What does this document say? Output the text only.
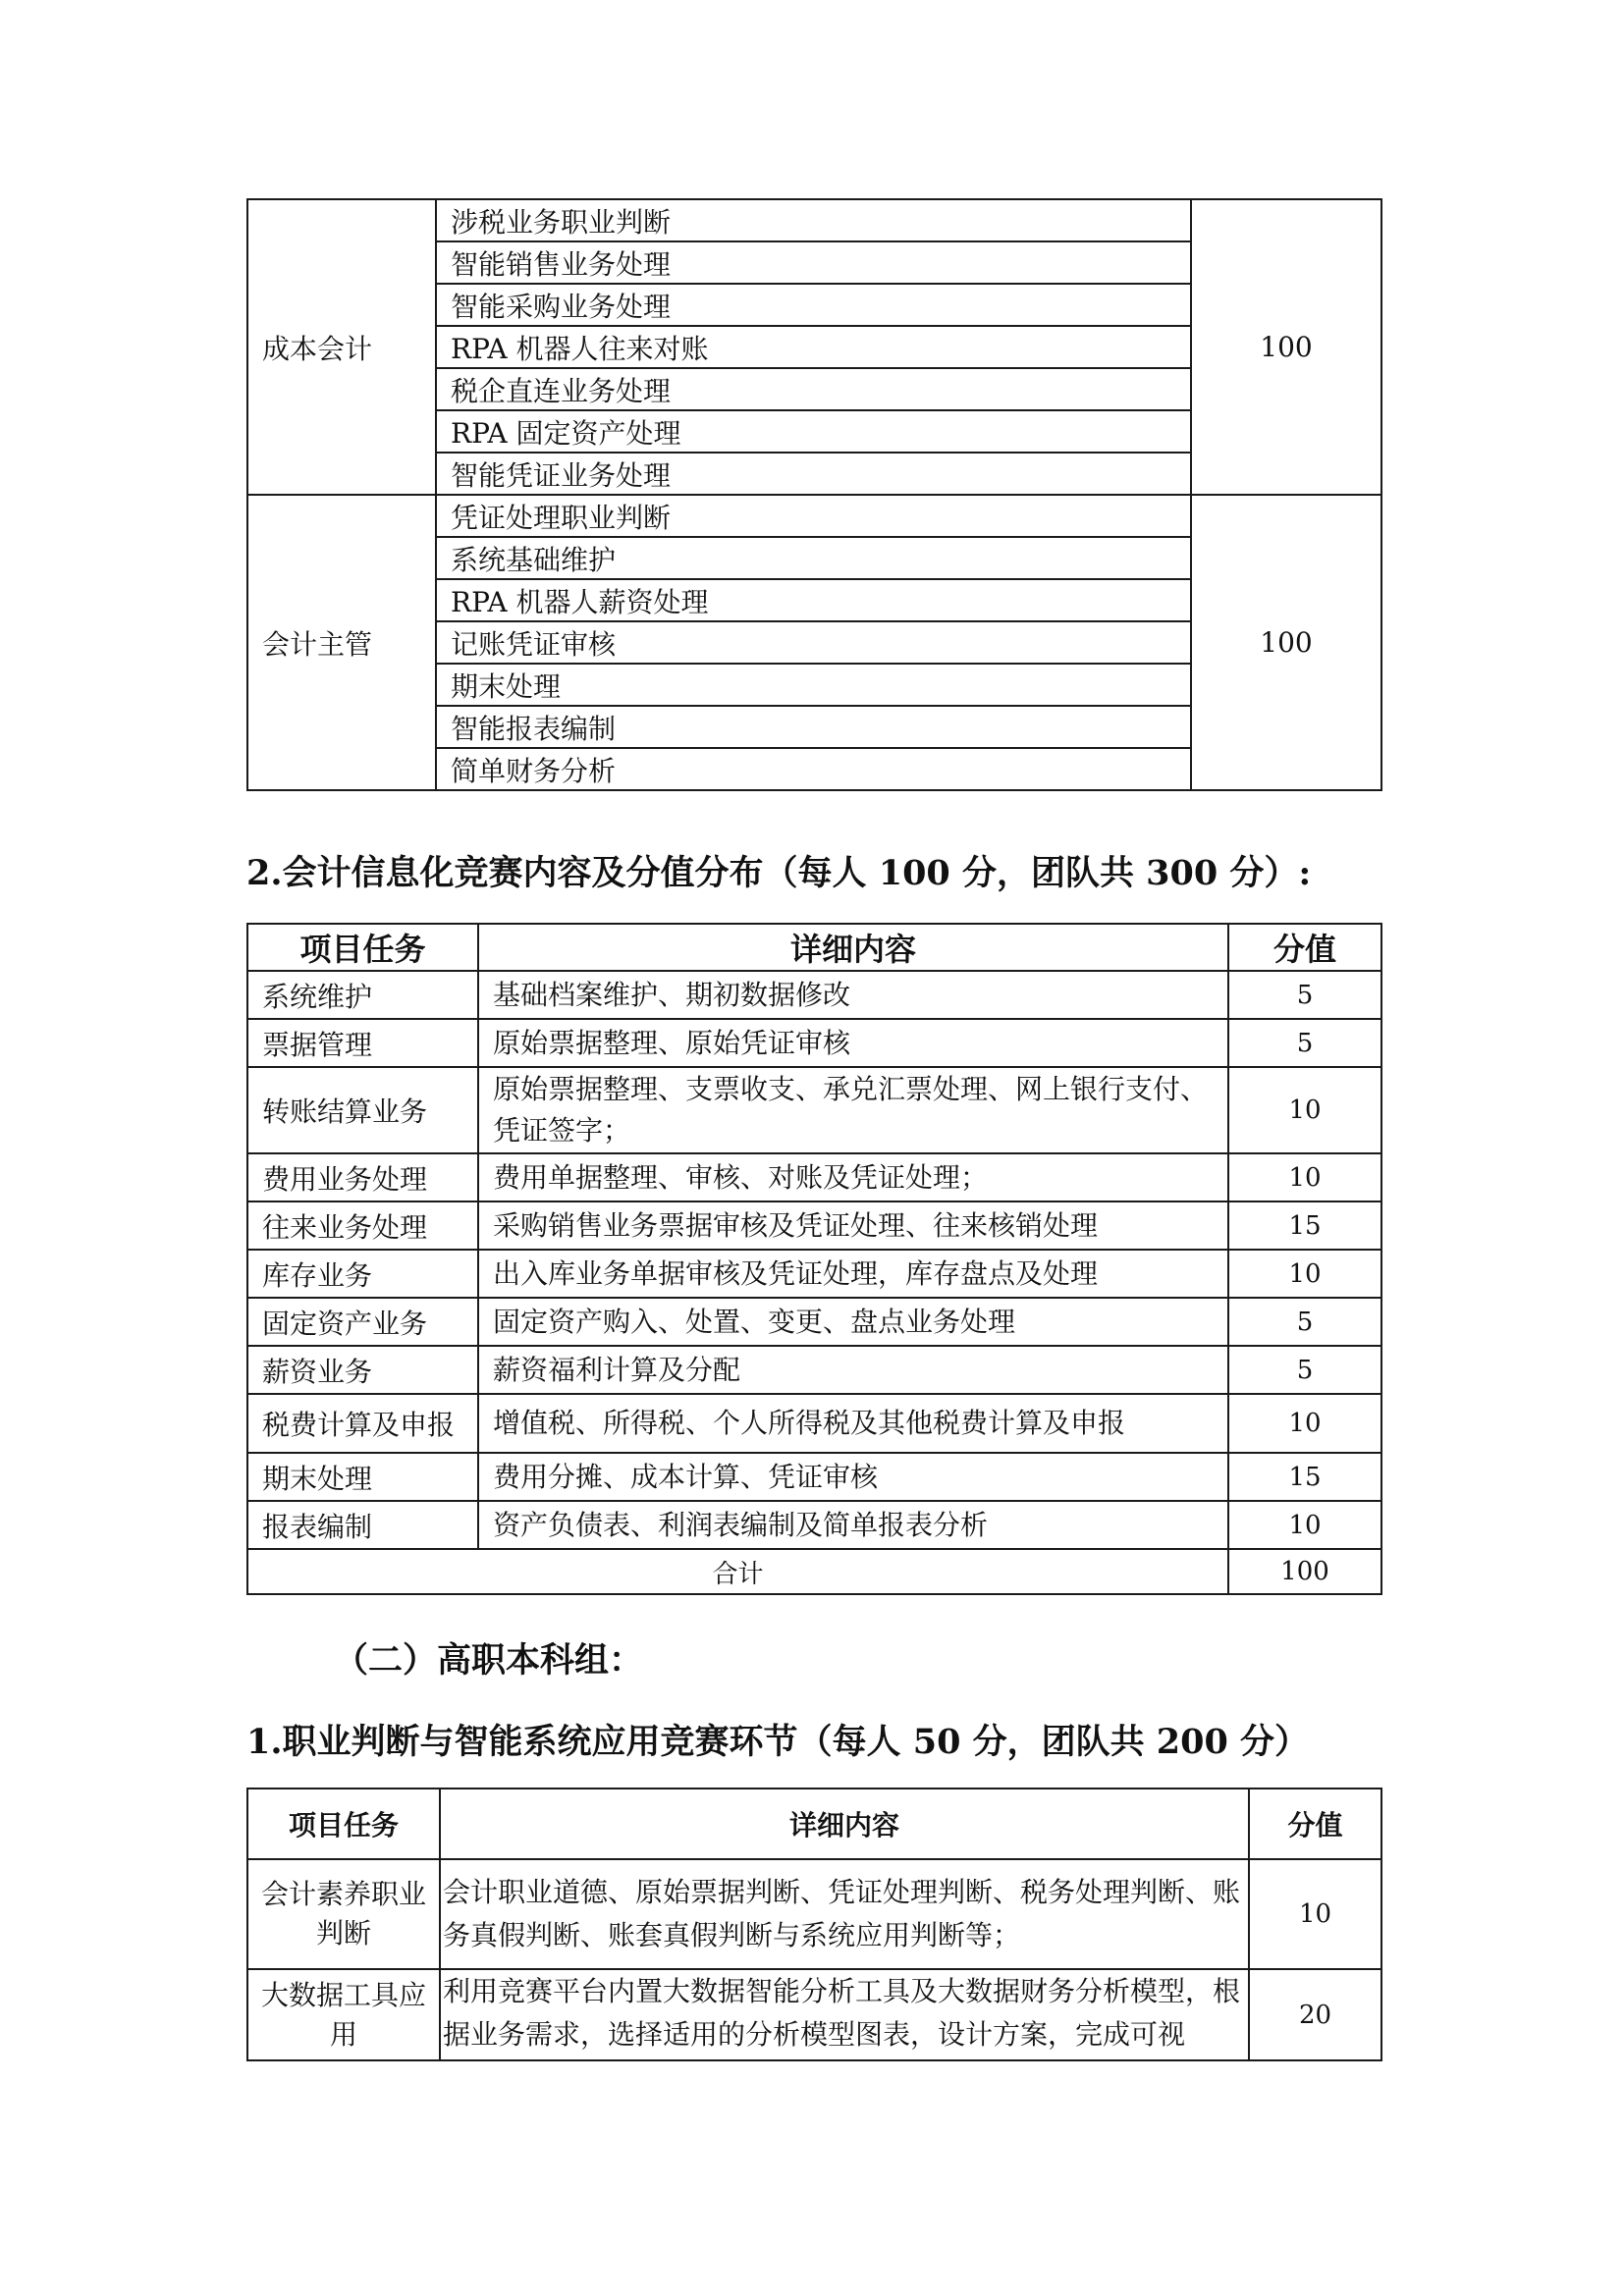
成本会计	涉税业务职业判断	100
	智能销售业务处理	
	智能采购业务处理	
	RPA 机器人往来对账	
	税企直连业务处理	
	RPA 固定资产处理	
	智能凭证业务处理	
会计主管	凭证处理职业判断	100
	系统基础维护	
	RPA 机器人薪资处理	
	记账凭证审核	
	期末处理	
	智能报表编制	
	简单财务分析	
2.会计信息化竞赛内容及分值分布（每人 100 分，团队共 300 分）:
项目任务	详细内容	分值
系统维护	基础档案维护、期初数据修改	5
票据管理	原始票据整理、原始凭证审核	5
转账结算业务	原始票据整理、支票收支、承兑汇票处理、网上银行支付、凭证签字；	10
费用业务处理	费用单据整理、审核、对账及凭证处理；	10
往来业务处理	采购销售业务票据审核及凭证处理、往来核销处理	15
库存业务	出入库业务单据审核及凭证处理，库存盘点及处理	10
固定资产业务	固定资产购入、处置、变更、盘点业务处理	5
薪资业务	薪资福利计算及分配	5
税费计算及申报	增值税、所得税、个人所得税及其他税费计算及申报	10
期末处理	费用分摊、成本计算、凭证审核	15
报表编制	资产负债表、利润表编制及简单报表分析	10
合计		100
（二）高职本科组：
1.职业判断与智能系统应用竞赛环节（每人 50 分，团队共 200 分）
项目任务	详细内容	分值
会计素养职业判断	会计职业道德、原始票据判断、凭证处理判断、税务处理判断、账务真假判断、账套真假判断与系统应用判断等；	10
大数据工具应用	利用竞赛平台内置大数据智能分析工具及大数据财务分析模型，根据业务需求，选择适用的分析模型图表，设计方案，完成可视	20
